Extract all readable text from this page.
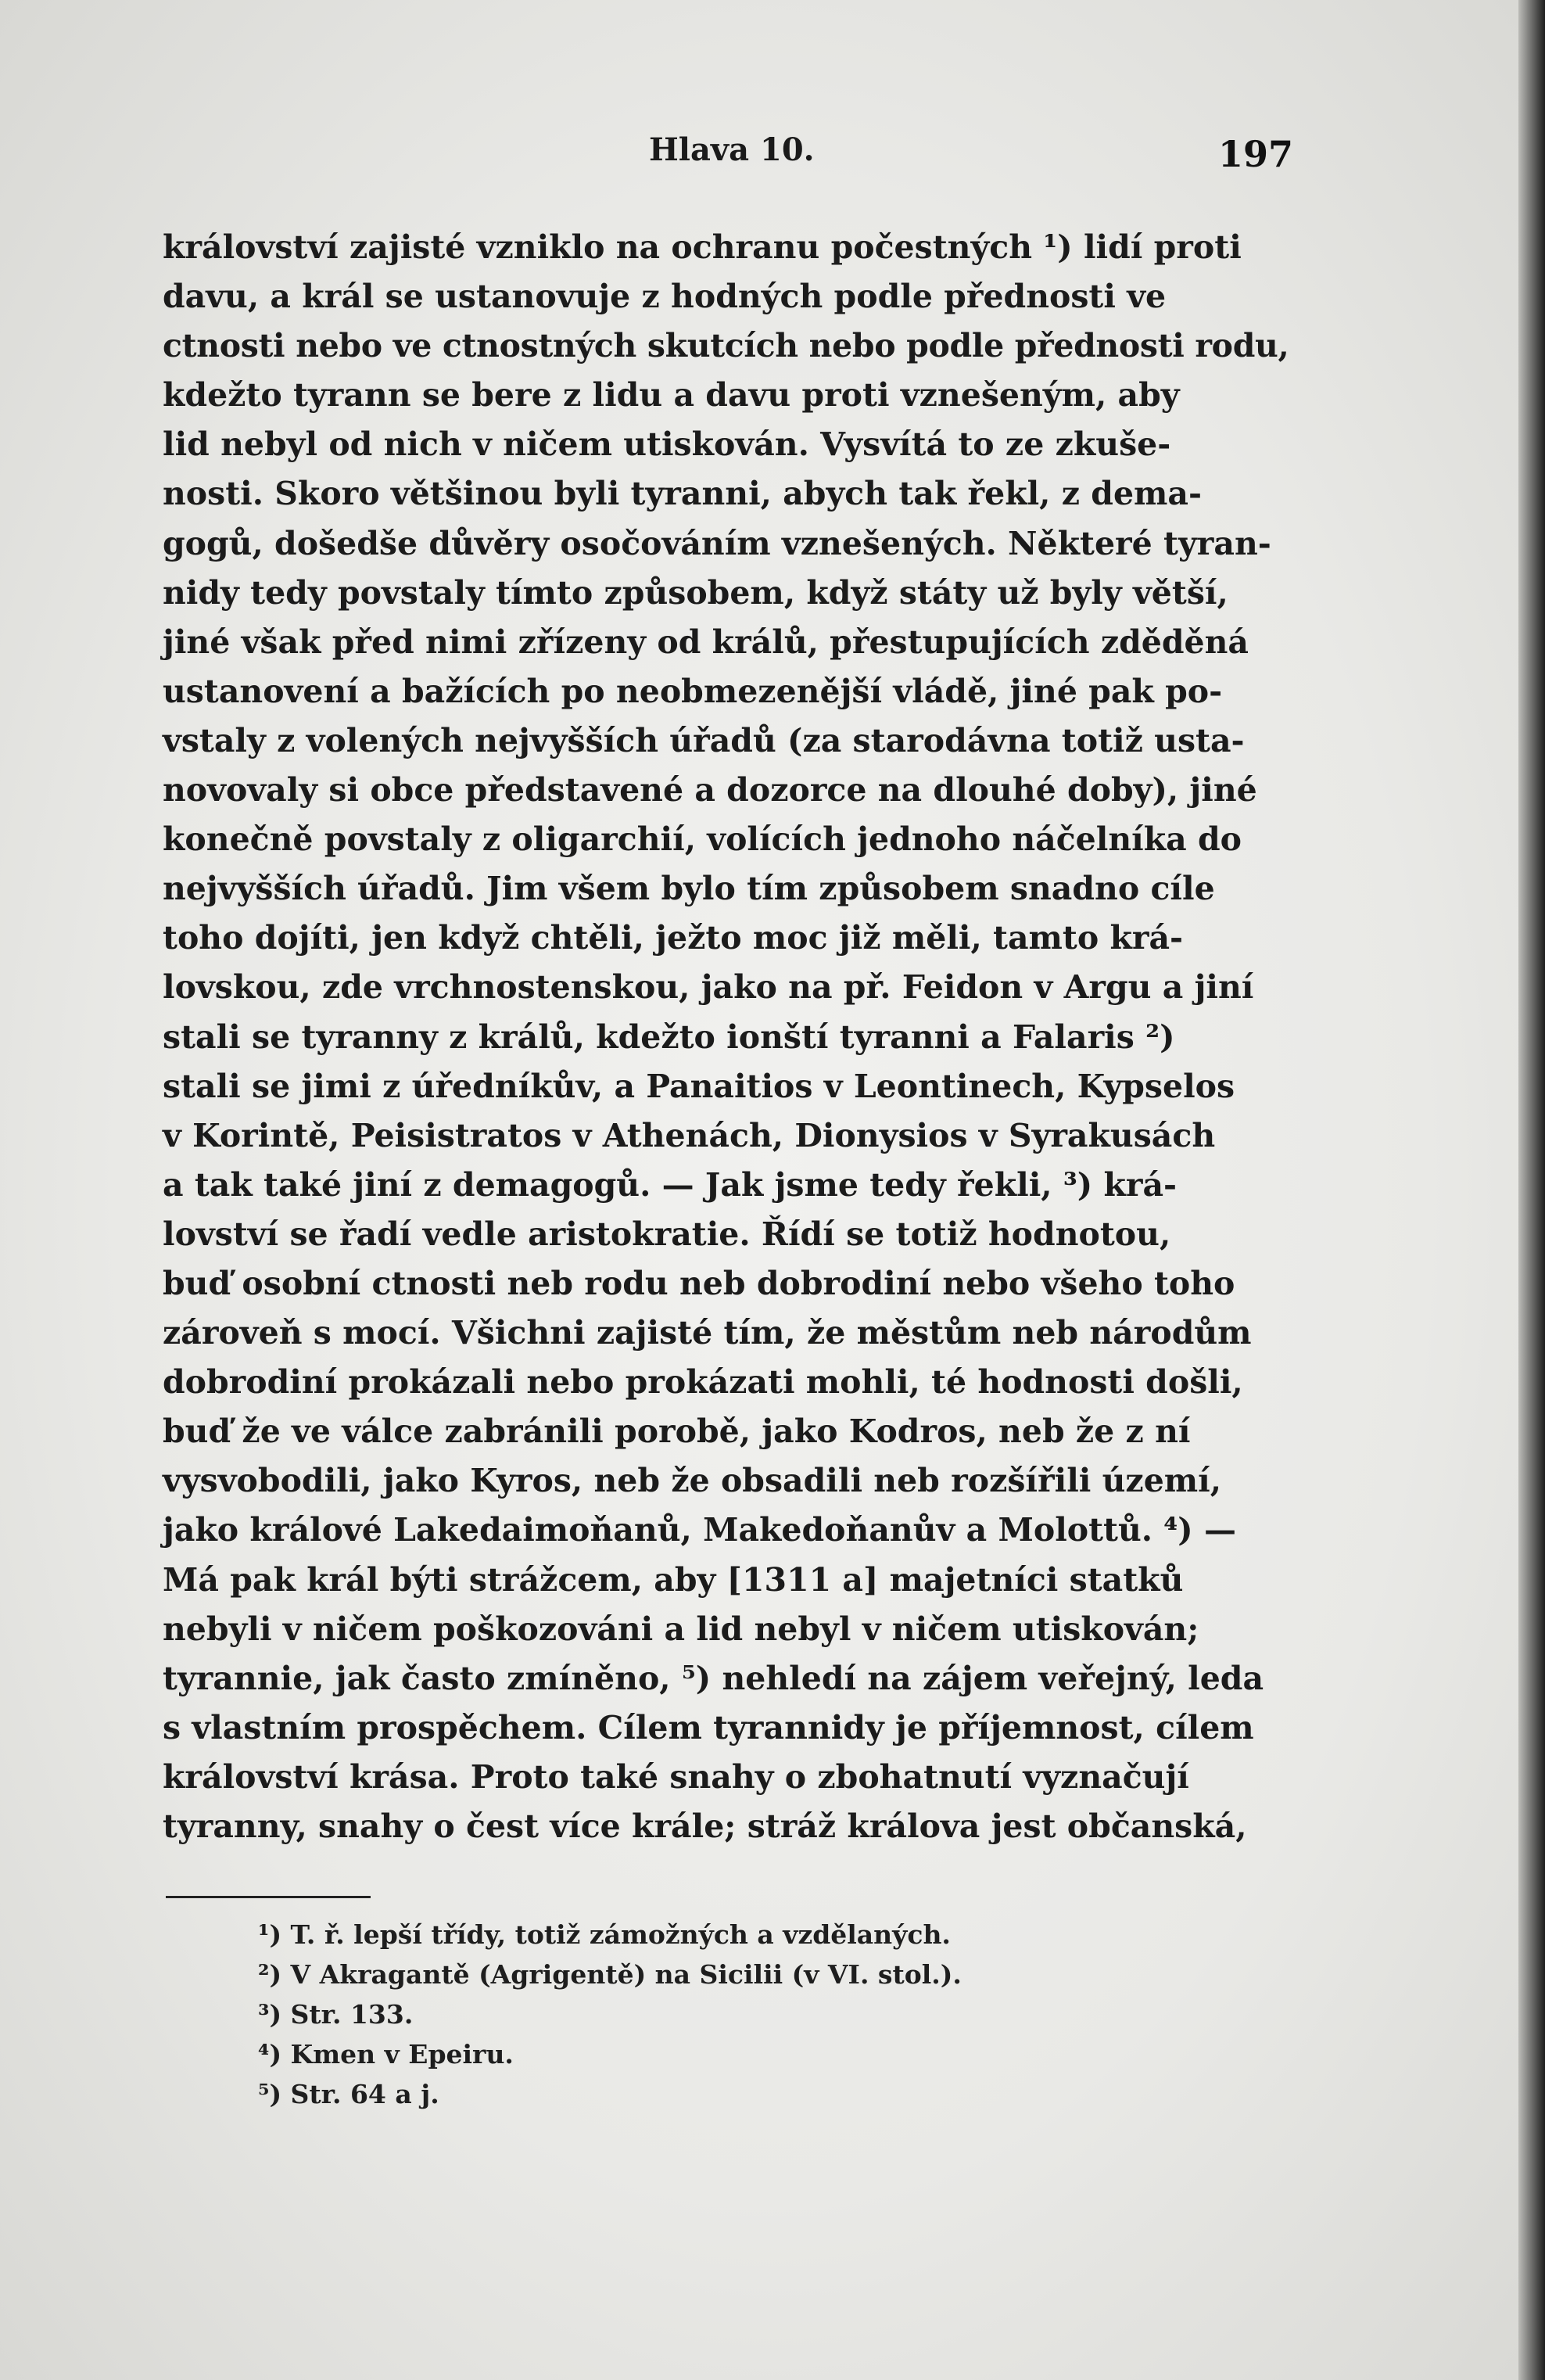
Hlava 10.	197
království zajisté vzniklo na ochranu počestných ¹) lidí proti
davu, a král se ustanovuje z hodných podle přednosti ve
ctnosti nebo ve ctnostných skutcích nebo podle přednosti rodu,
kdežto tyrann se bere z lidu a davu proti vznešeným, aby
lid nebyl od nich v ničem utiskován. Vysvítá to ze zkuše-
nosti. Skoro většinou byli tyranni, abych tak řekl, z dema-
gogů, došedše důvěry osočováním vznešených. Některé tyran-
nidy tedy povstaly tímto způsobem, když státy už byly větší,
jiné však před nimi zřízeny od králů, přestupujících zděděná
ustanovení a bažících po neobmezenější vládě, jiné pak po-
vstaly z volených nejvyšších úřadů (za starodávna totiž usta-
novovaly si obce představené a dozorce na dlouhé doby), jiné
konečně povstaly z oligarchií, volících jednoho náčelníka do
nejvyšších úřadů. Jim všem bylo tím způsobem snadno cíle
toho dojíti, jen když chtěli, ježto moc již měli, tamto krá-
lovskou, zde vrchnostenskou, jako na př. Feidon v Argu a jiní
stali se tyranny z králů, kdežto ionští tyranni a Falaris ²)
stali se jimi z úředníkův, a Panaitios v Leontinech, Kypselos
v Korintě, Peisistratos v Athenách, Dionysios v Syrakusách
a tak také jiní z demagogů. — Jak jsme tedy řekli, ³) krá-
lovství se řadí vedle aristokratie. Řídí se totiž hodnotou,
buď osobní ctnosti neb rodu neb dobrodiní nebo všeho toho
zároveň s mocí. Všichni zajisté tím, že městům neb národům
dobrodiní prokázali nebo prokázati mohli, té hodnosti došli,
buď že ve válce zabránili porobě, jako Kodros, neb že z ní
vysvobodili, jako Kyros, neb že obsadili neb rozšířili území,
jako králové Lakedaimoňanů, Makedoňanův a Molottů. ⁴) —
Má pak král býti strážcem, aby [1311 a] majetníci statků
nebyli v ničem poškozováni a lid nebyl v ničem utiskován;
tyrannie, jak často zmíněno, ⁵) nehledí na zájem veřejný, leda
s vlastním prospěchem. Cílem tyrannidy je příjemnost, cílem
království krása. Proto také snahy o zbohatnutí vyznačují
tyranny, snahy o čest více krále; stráž králova jest občanská,
¹) T. ř. lepší třídy, totiž zámožných a vzdělaných.
²) V Akragantě (Agrigentě) na Sicilii (v VI. stol.).
³) Str. 133.
⁴) Kmen v Epeiru.
⁵) Str. 64 a j.
